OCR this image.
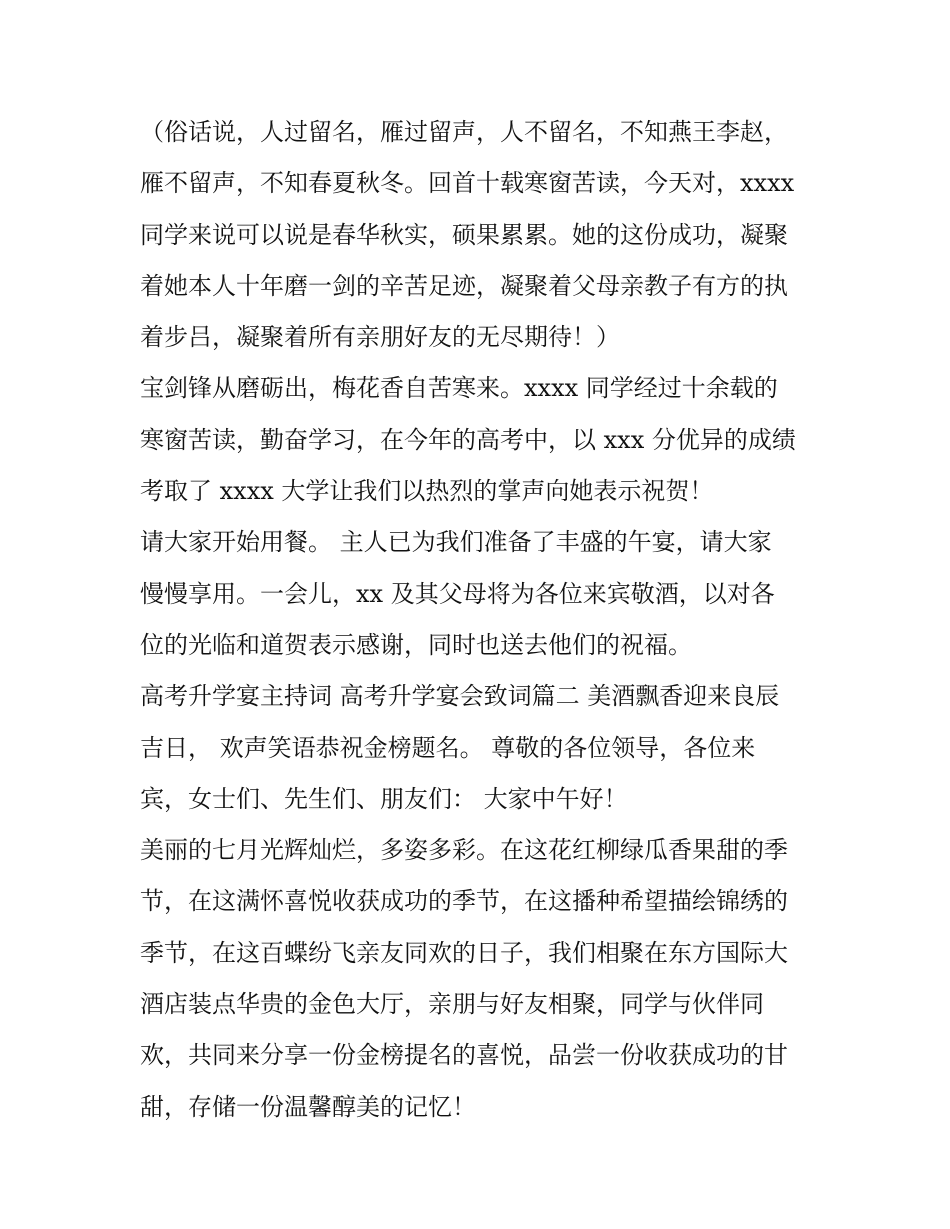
（俗话说，人过留名，雁过留声，人不留名，不知燕王李赵，
雁不留声，不知春夏秋冬。回首十载寒窗苦读，今天对，xxxx
同学来说可以说是春华秋实，硕果累累。她的这份成功，凝聚
着她本人十年磨一剑的辛苦足迹，凝聚着父母亲教子有方的执
着步吕，凝聚着所有亲朋好友的无尽期待！）
宝剑锋从磨砺出，梅花香自苦寒来。xxxx 同学经过十余载的
寒窗苦读，勤奋学习，在今年的高考中，以 xxx 分优异的成绩
考取了 xxxx 大学让我们以热烈的掌声向她表示祝贺！
请大家开始用餐。 主人已为我们准备了丰盛的午宴，请大家
慢慢享用。一会儿，xx 及其父母将为各位来宾敬酒，以对各
位的光临和道贺表示感谢，同时也送去他们的祝福。
高考升学宴主持词 高考升学宴会致词篇二 美酒飘香迎来良辰
吉日， 欢声笑语恭祝金榜题名。 尊敬的各位领导，各位来
宾，女士们、先生们、朋友们： 大家中午好！
美丽的七月光辉灿烂，多姿多彩。在这花红柳绿瓜香果甜的季
节，在这满怀喜悦收获成功的季节，在这播种希望描绘锦绣的
季节，在这百蝶纷飞亲友同欢的日子，我们相聚在东方国际大
酒店装点华贵的金色大厅，亲朋与好友相聚，同学与伙伴同
欢，共同来分享一份金榜提名的喜悦，品尝一份收获成功的甘
甜，存储一份温馨醇美的记忆！
